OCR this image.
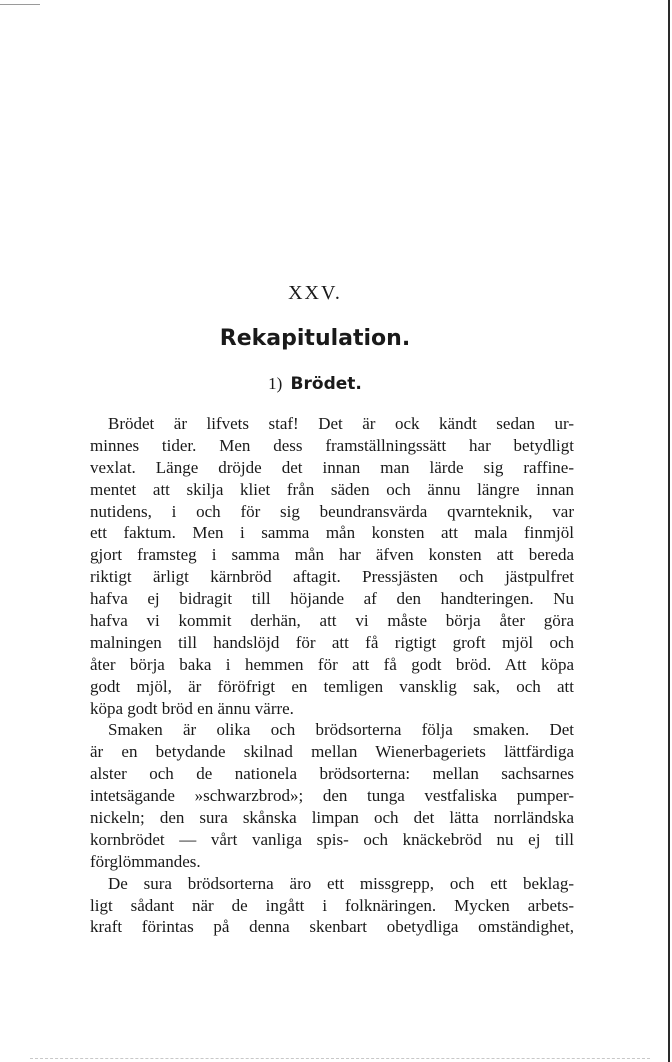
XXV.
Rekapitulation.
1) Brödet.
Brödet är lifvets staf! Det är ock kändt sedan ur-
minnes tider. Men dess framställningssätt har betydligt
vexlat. Länge dröjde det innan man lärde sig raffine-
mentet att skilja kliet från säden och ännu längre innan
nutidens, i och för sig beundransvärda qvarnteknik, var
ett faktum. Men i samma mån konsten att mala finmjöl
gjort framsteg i samma mån har äfven konsten att bereda
riktigt ärligt kärnbröd aftagit. Pressjästen och jästpulfret
hafva ej bidragit till höjande af den handteringen. Nu
hafva vi kommit derhän, att vi måste börja åter göra
malningen till handslöjd för att få rigtigt groft mjöl och
åter börja baka i hemmen för att få godt bröd. Att köpa
godt mjöl, är föröfrigt en temligen vansklig sak, och att
köpa godt bröd en ännu värre.
Smaken är olika och brödsorterna följa smaken. Det
är en betydande skilnad mellan Wienerbageriets lättfärdiga
alster och de nationela brödsorterna: mellan sachsarnes
intetsägande »schwarzbrod»; den tunga vestfaliska pumper-
nickeln; den sura skånska limpan och det lätta norrländska
kornbrödet — vårt vanliga spis- och knäckebröd nu ej till
förglömmandes.
De sura brödsorterna äro ett missgrepp, och ett beklag-
ligt sådant när de ingått i folknäringen. Mycken arbets-
kraft förintas på denna skenbart obetydliga omständighet,
